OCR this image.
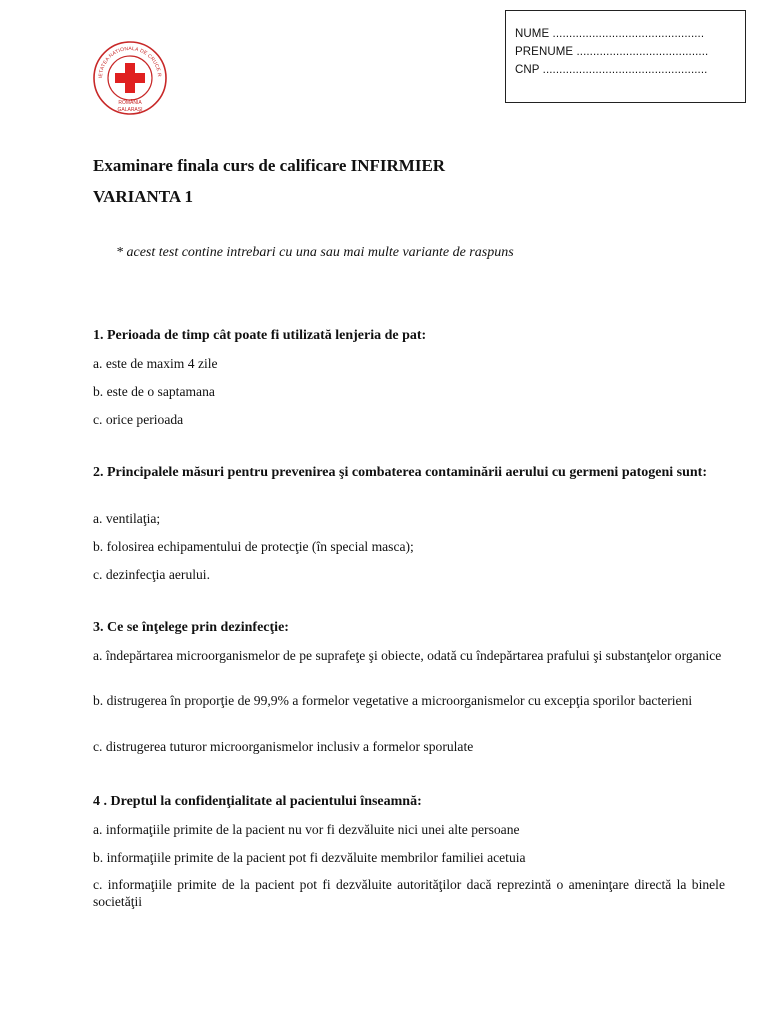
IETATEA NATIONALA DE CRUCE R
ROMÂNIA
GALARAŞI
NUME ..............................................
PRENUME ........................................
CNP ..................................................
Examinare finala curs de calificare INFIRMIER
VARIANTA 1
* acest test contine intrebari cu una sau mai multe variante de raspuns
1. Perioada de timp cât poate fi utilizată lenjeria de pat:
a. este de maxim 4 zile
b. este de o saptamana
c. orice perioada
2. Principalele măsuri pentru prevenirea şi combaterea contaminării aerului cu germeni patogeni sunt:
a. ventilaţia;
b. folosirea echipamentului de protecţie (în special masca);
c. dezinfecţia aerului.
3. Ce se înţelege prin dezinfecţie:
a. îndepărtarea microorganismelor de pe suprafeţe şi obiecte, odată cu îndepărtarea prafului şi substanţelor organice
b. distrugerea în proporţie de 99,9% a formelor vegetative a microorganismelor cu excepţia sporilor bacterieni
c. distrugerea tuturor microorganismelor inclusiv a formelor sporulate
4 . Dreptul la confidenţialitate al pacientului înseamnă:
a. informaţiile primite de la pacient nu vor fi dezvăluite nici unei alte persoane
b. informaţiile primite de la pacient pot fi dezvăluite membrilor familiei acetuia
c. informaţiile primite de la pacient pot fi dezvăluite autorităţilor dacă reprezintă o ameninţare directă la binele societăţii
